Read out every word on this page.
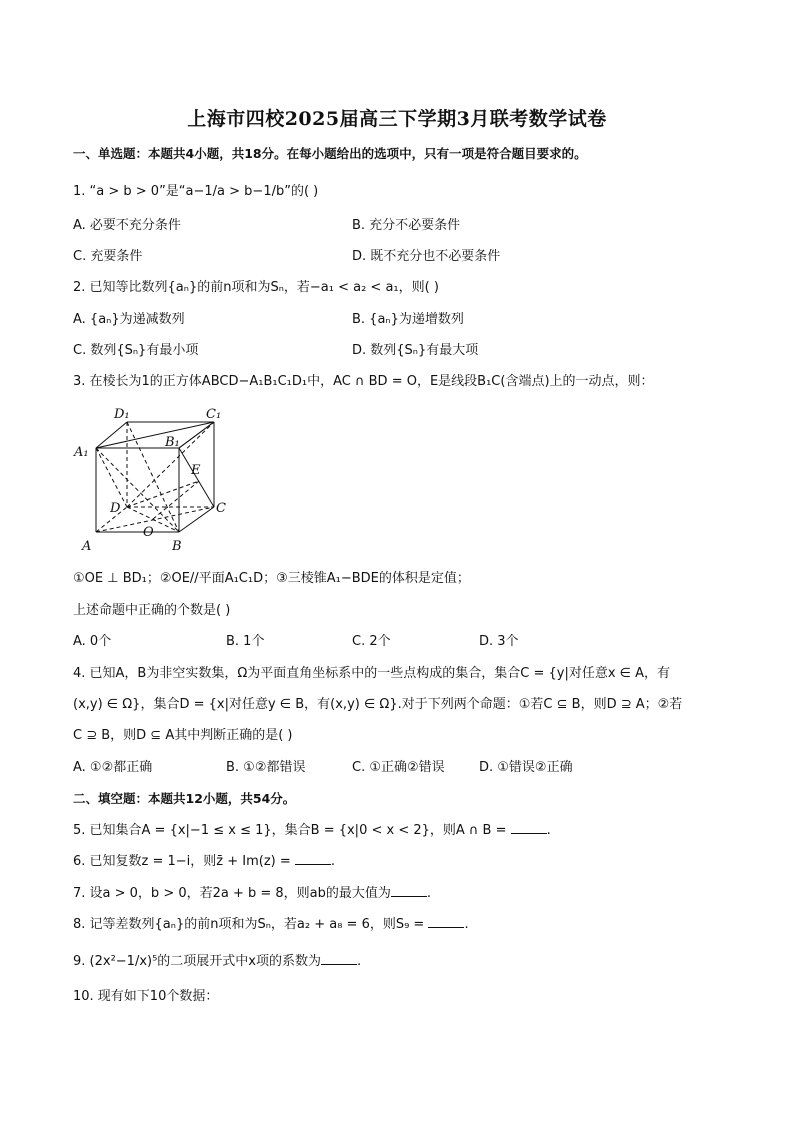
上海市四校2025届高三下学期3月联考数学试卷
一、单选题：本题共4小题，共18分。在每小题给出的选项中，只有一项是符合题目要求的。
1. “a > b > 0”是“a−1/a > b−1/b”的( )
A. 必要不充分条件	B. 充分不必要条件
C. 充要条件	D. 既不充分也不必要条件
2. 已知等比数列{aₙ}的前n项和为Sₙ，若−a₁ < a₂ < a₁，则( )
A. {aₙ}为递减数列	B. {aₙ}为递增数列
C. 数列{Sₙ}有最小项	D. 数列{Sₙ}有最大项
3. 在棱长为1的正方体ABCD−A₁B₁C₁D₁中，AC ∩ BD = O，E是线段B₁C(含端点)上的一动点，则：
D₁	C₁
B₁
A₁
E
D	C
O
A	B
①OE ⊥ BD₁；②OE//平面A₁C₁D；③三棱锥A₁−BDE的体积是定值；
上述命题中正确的个数是( )
A. 0个	B. 1个	C. 2个	D. 3个
4. 已知A，B为非空实数集，Ω为平面直角坐标系中的一些点构成的集合，集合C = {y|对任意x ∈ A，有
(x,y) ∈ Ω}，集合D = {x|对任意y ∈ B，有(x,y) ∈ Ω}.对于下列两个命题：①若C ⊆ B，则D ⊇ A；②若
C ⊇ B，则D ⊆ A其中判断正确的是( )
A. ①②都正确	B. ①②都错误	C. ①正确②错误	D. ①错误②正确
二、填空题：本题共12小题，共54分。
5. 已知集合A = {x|−1 ≤ x ≤ 1}，集合B = {x|0 < x < 2}，则A ∩ B =	.
6. 已知复数z = 1−i，则z̄ + Im(z) =	.
7. 设a > 0，b > 0，若2a + b = 8，则ab的最大值为	.
8. 记等差数列{aₙ}的前n项和为Sₙ，若a₂ + a₈ = 6，则S₉ =	.
9. (2x²−1/x)⁵的二项展开式中x项的系数为	.
10. 现有如下10个数据：
